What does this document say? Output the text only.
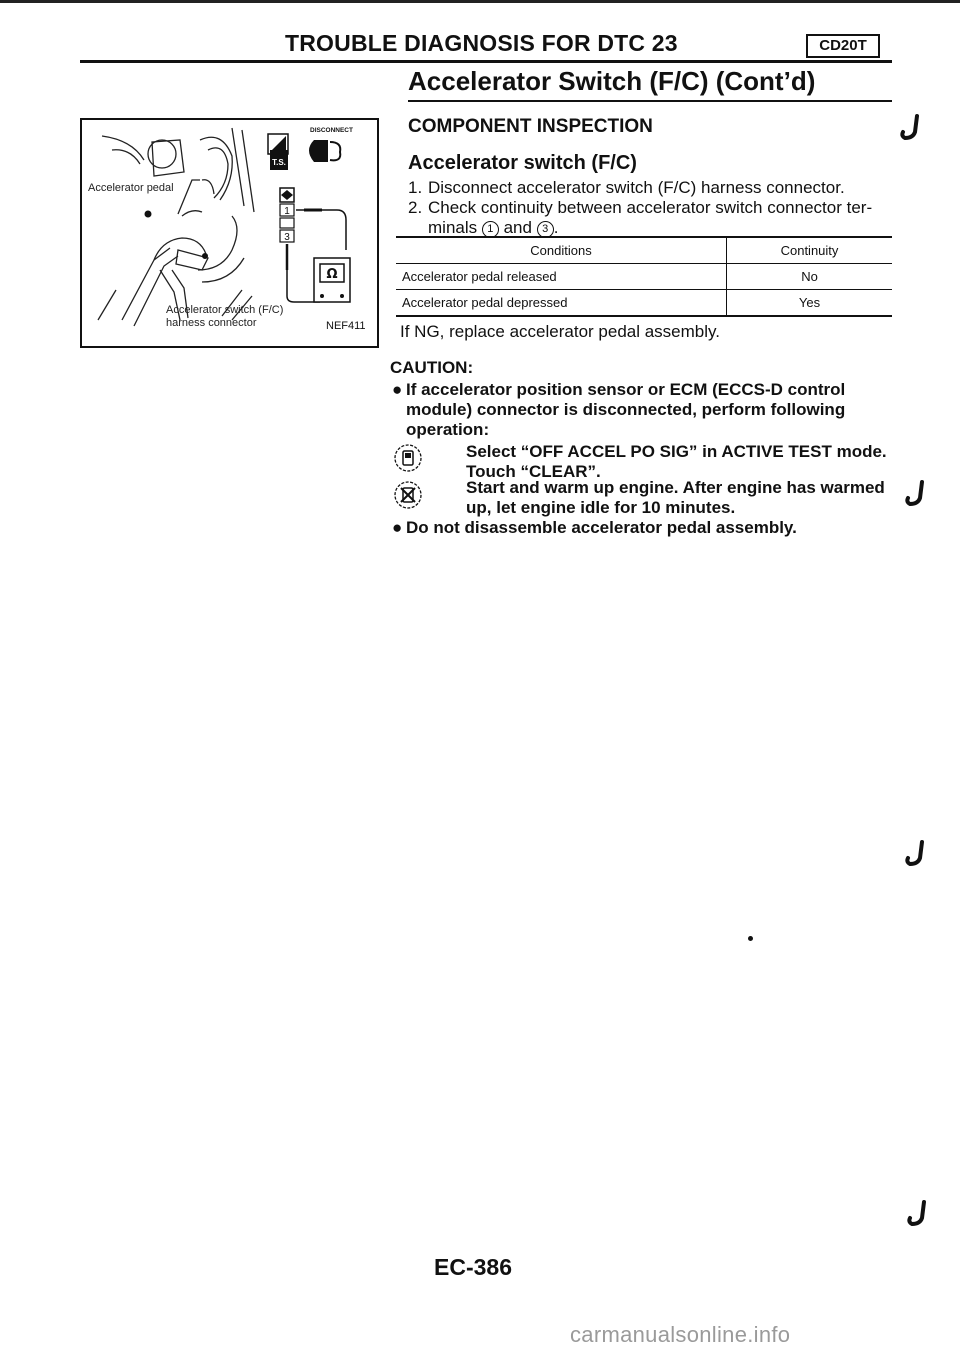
TROUBLE DIAGNOSIS FOR DTC 23	CD20T
Accelerator Switch (F/C) (Cont’d)
COMPONENT INSPECTION
T.S.
DISCONNECT
1
3
Ω
Accelerator pedal
Accelerator switch (F/C)
harness connector	NEF411
Accelerator switch (F/C)
1. Disconnect accelerator switch (F/C) harness connector.
2. Check continuity between accelerator switch connector ter-
minals 1 and 3 .
Conditions	Continuity
Accelerator pedal released	No
Accelerator pedal depressed	Yes
If NG, replace accelerator pedal assembly.
CAUTION:
● If accelerator position sensor or ECM (ECCS-D control
module) connector is disconnected, perform following
operation:
Select “OFF ACCEL PO SIG” in ACTIVE TEST mode.
Touch “CLEAR”.
Start and warm up engine. After engine has warmed
up, let engine idle for 10 minutes.
● Do not disassemble accelerator pedal assembly.
EC-386
carmanualsonline.info
